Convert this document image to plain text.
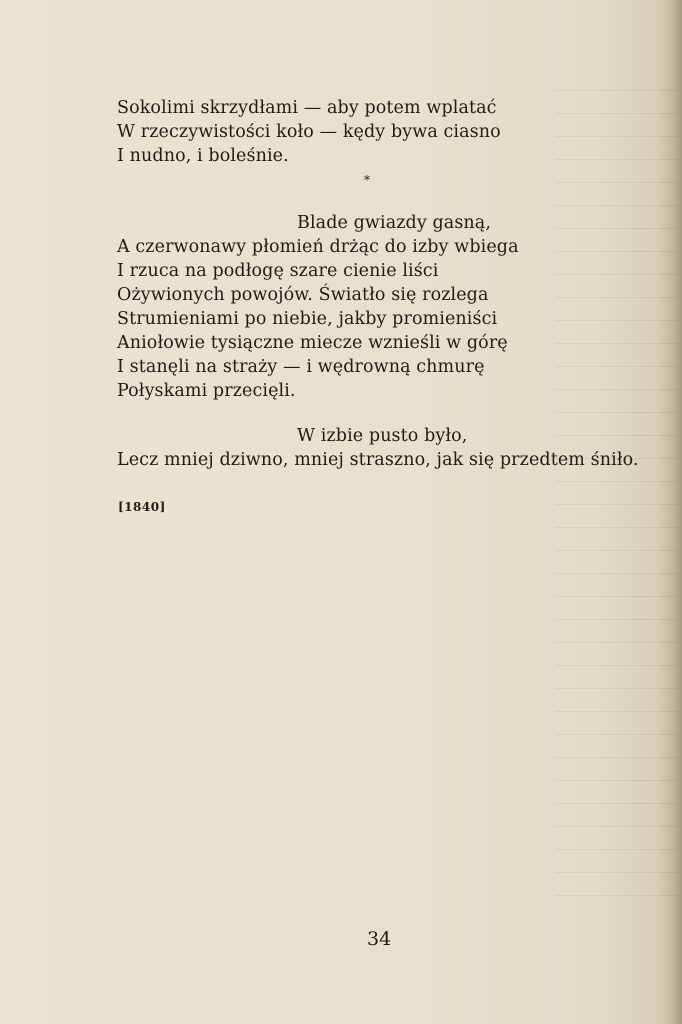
Sokolimi skrzydłami — aby potem wplatać
W rzeczywistości koło — kędy bywa ciasno
I nudno, i boleśnie.
*
Blade gwiazdy gasną,
A czerwonawy płomień drżąc do izby wbiega
I rzuca na podłogę szare cienie liści
Ożywionych powojów. Światło się rozlega
Strumieniami po niebie, jakby promieniści
Aniołowie tysiączne miecze wznieśli w górę
I stanęli na straży — i wędrowną chmurę
Połyskami przecięli.
W izbie pusto było,
Lecz mniej dziwno, mniej straszno, jak się przedtem śniło.
[1840]
34
